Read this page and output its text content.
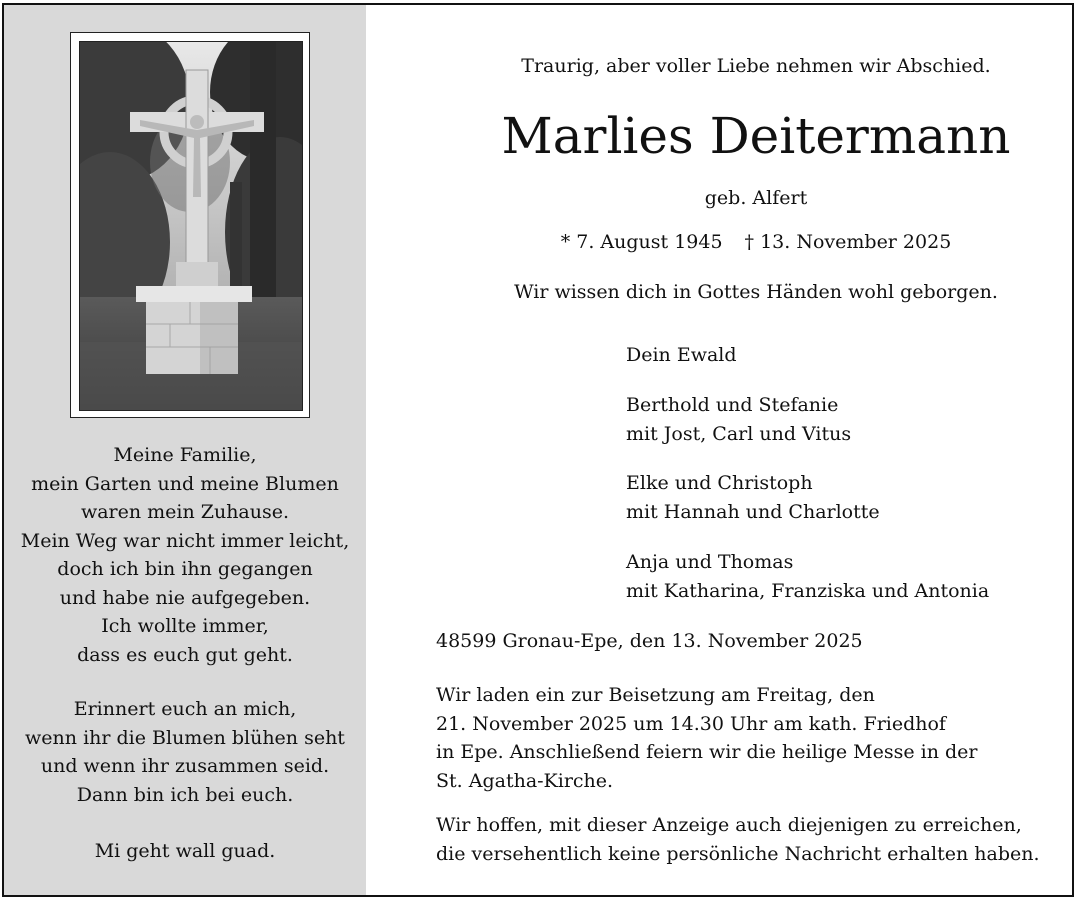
Meine Familie,
mein Garten und meine Blumen
waren mein Zuhause.
Mein Weg war nicht immer leicht,
doch ich bin ihn gegangen
und habe nie aufgegeben.
Ich wollte immer,
dass es euch gut geht.
Erinnert euch an mich,
wenn ihr die Blumen blühen seht
und wenn ihr zusammen seid.
Dann bin ich bei euch.
Mi geht wall guad.
Traurig, aber voller Liebe nehmen wir Abschied.
Marlies Deitermann
geb. Alfert
* 7. August 1945 † 13. November 2025
Wir wissen dich in Gottes Händen wohl geborgen.
Dein Ewald
Berthold und Stefanie
mit Jost, Carl und Vitus
Elke und Christoph
mit Hannah und Charlotte
Anja und Thomas
mit Katharina, Franziska und Antonia
48599 Gronau-Epe, den 13. November 2025
Wir laden ein zur Beisetzung am Freitag, den
21. November 2025 um 14.30 Uhr am kath. Friedhof
in Epe. Anschließend feiern wir die heilige Messe in der
St. Agatha-Kirche.
Wir hoffen, mit dieser Anzeige auch diejenigen zu erreichen,
die versehentlich keine persönliche Nachricht erhalten haben.
